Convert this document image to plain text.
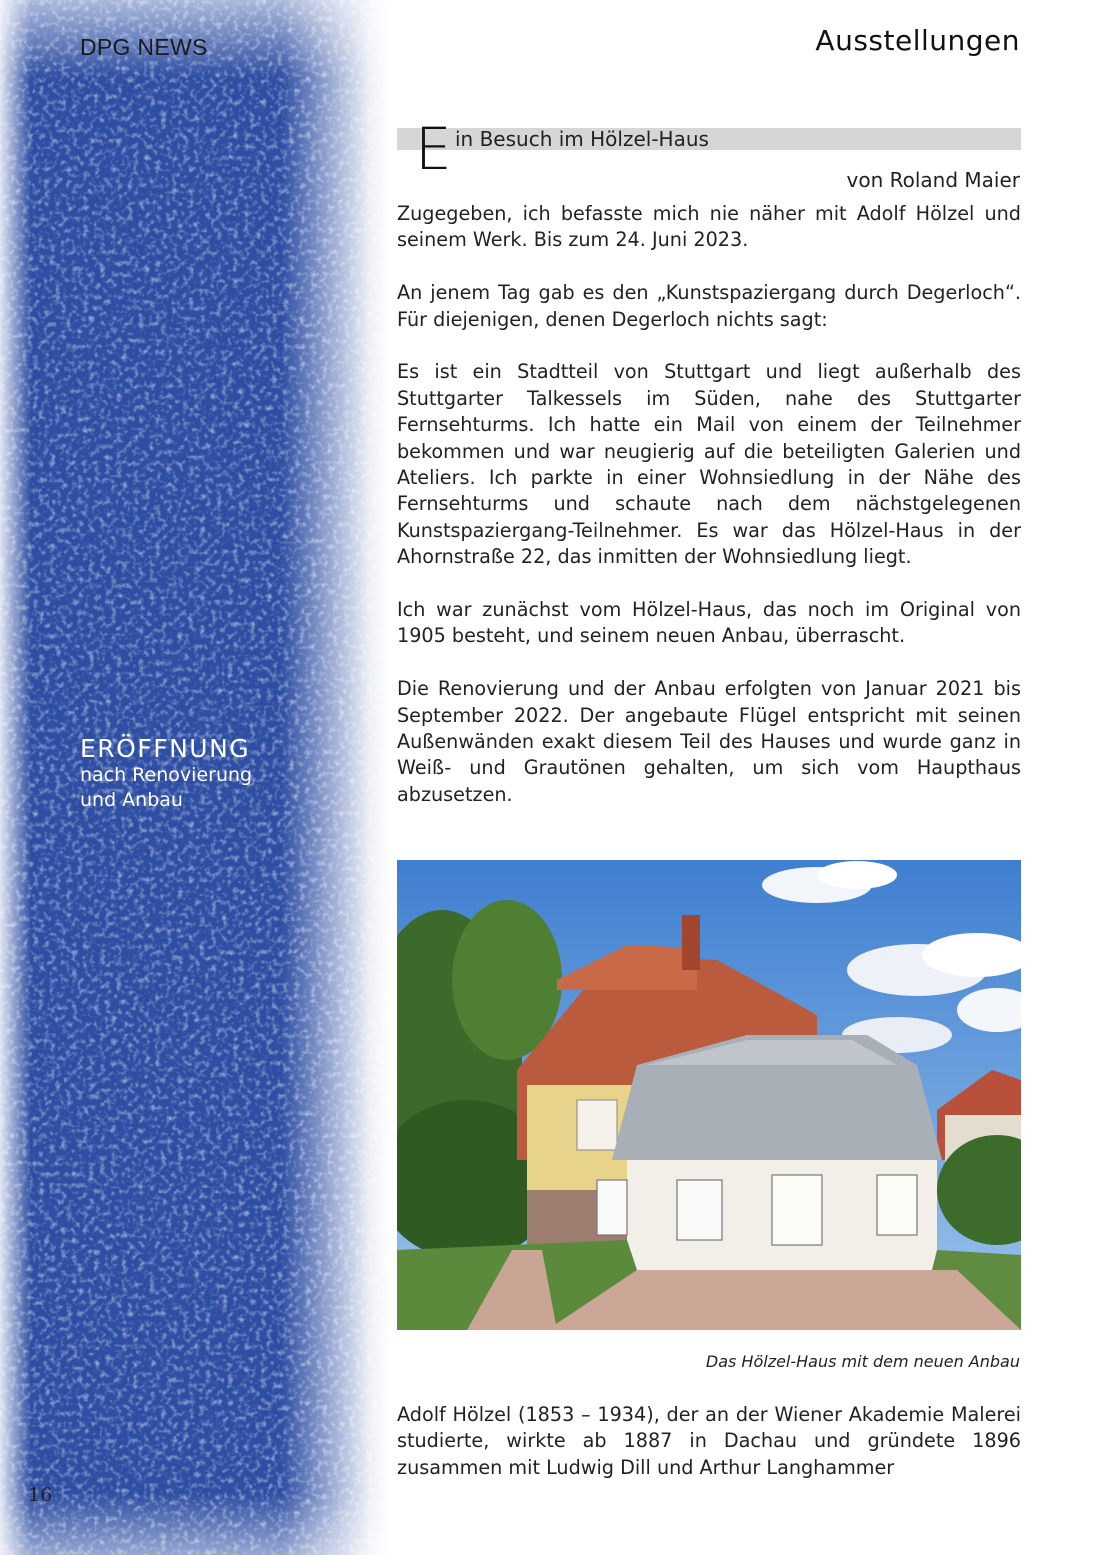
DPG NEWS
ERÖFFNUNG
nach Renovierung
und Anbau
16
Ausstellungen
E in Besuch im Hölzel-Haus
von Roland Maier

Zugegeben, ich befasste mich nie näher mit Adolf Hölzel und seinem Werk. Bis zum 24. Juni 2023.

An jenem Tag gab es den „Kunstspaziergang durch Degerloch“. Für diejenigen, denen Degerloch nichts sagt:

Es ist ein Stadtteil von Stuttgart und liegt außerhalb des Stuttgarter Talkessels im Süden, nahe des Stuttgarter Fernsehturms. Ich hatte ein Mail von einem der Teilnehmer bekommen und war neugierig auf die beteiligten Galerien und Ateliers. Ich parkte in einer Wohnsiedlung in der Nähe des Fernsehturms und schaute nach dem nächstgelegenen Kunstspaziergang-Teilnehmer. Es war das Hölzel-Haus in der Ahornstraße 22, das inmitten der Wohnsiedlung liegt.

Ich war zunächst vom Hölzel-Haus, das noch im Original von 1905 besteht, und seinem neuen Anbau, überrascht.

Die Renovierung und der Anbau erfolgten von Januar 2021 bis September 2022. Der angebaute Flügel entspricht mit seinen Außenwänden exakt diesem Teil des Hauses und wurde ganz in Weiß- und Grautönen gehalten, um sich vom Haupthaus abzusetzen.

Das Hölzel-Haus mit dem neuen Anbau

Adolf Hölzel (1853 – 1934), der an der Wiener Akademie Malerei studierte, wirkte ab 1887 in Dachau und gründete 1896 zusammen mit Ludwig Dill und Arthur Langhammer
